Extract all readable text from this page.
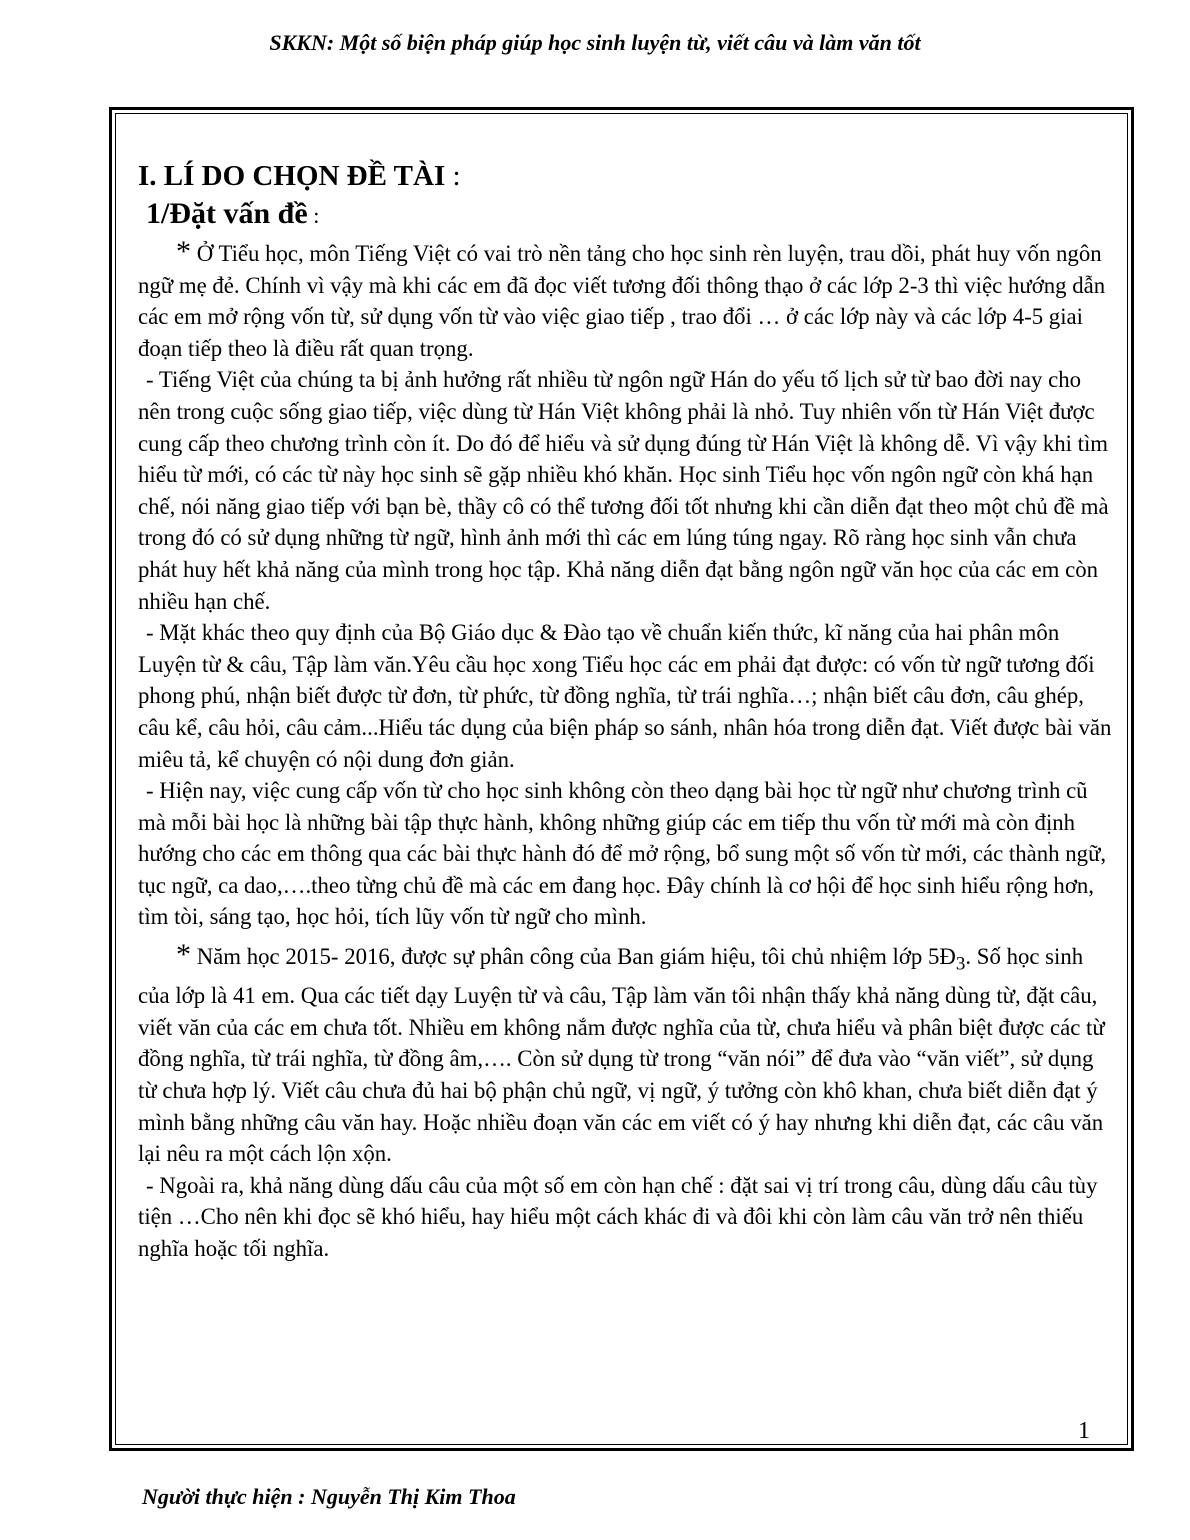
SKKN: Một số biện pháp giúp học sinh luyện từ, viết câu và làm văn tốt
I. LÍ DO CHỌN ĐỀ TÀI :
1/Đặt vấn đề :

* Ở Tiểu học, môn Tiếng Việt có vai trò nền tảng cho học sinh rèn luyện, trau dồi, phát huy vốn ngôn ngữ mẹ đẻ. Chính vì vậy mà khi các em đã đọc viết tương đối thông thạo ở các lớp 2-3 thì việc hướng dẫn các em mở rộng vốn từ, sử dụng vốn từ vào việc giao tiếp , trao đổi … ở các lớp này và các lớp 4-5 giai đoạn tiếp theo là điều rất quan trọng.

- Tiếng Việt của chúng ta bị ảnh hưởng rất nhiều từ ngôn ngữ Hán do yếu tố lịch sử từ bao đời nay cho nên trong cuộc sống giao tiếp, việc dùng từ Hán Việt không phải là nhỏ. Tuy nhiên vốn từ Hán Việt được cung cấp theo chương trình còn ít. Do đó để hiểu và sử dụng đúng từ Hán Việt là không dễ. Vì vậy khi tìm hiểu từ mới, có các từ này học sinh sẽ gặp nhiều khó khăn. Học sinh Tiểu học vốn ngôn ngữ còn khá hạn chế, nói năng giao tiếp với bạn bè, thầy cô có thể tương đối tốt nhưng khi cần diễn đạt theo một chủ đề mà trong đó có sử dụng những từ ngữ, hình ảnh mới thì các em lúng túng ngay. Rõ ràng học sinh vẫn chưa phát huy hết khả năng của mình trong học tập. Khả năng diễn đạt bằng ngôn ngữ văn học của các em còn nhiều hạn chế.

- Mặt khác theo quy định của Bộ Giáo dục & Đào tạo về chuẩn kiến thức, kĩ năng của hai phân môn Luyện từ & câu, Tập làm văn.Yêu cầu học xong Tiểu học các em phải đạt được: có vốn từ ngữ tương đối phong phú, nhận biết được từ đơn, từ phức, từ đồng nghĩa, từ trái nghĩa…; nhận biết câu đơn, câu ghép, câu kể, câu hỏi, câu cảm...Hiểu tác dụng của biện pháp so sánh, nhân hóa trong diễn đạt. Viết được bài văn miêu tả, kể chuyện có nội dung đơn giản.

- Hiện nay, việc cung cấp vốn từ cho học sinh không còn theo dạng bài học từ ngữ như chương trình cũ mà mỗi bài học là những bài tập thực hành, không những giúp các em tiếp thu vốn từ mới mà còn định hướng cho các em thông qua các bài thực hành đó để mở rộng, bổ sung một số vốn từ mới, các thành ngữ, tục ngữ, ca dao,….theo từng chủ đề mà các em đang học. Đây chính là cơ hội để học sinh hiểu rộng hơn, tìm tòi, sáng tạo, học hỏi, tích lũy vốn từ ngữ cho mình.

* Năm học 2015- 2016, được sự phân công của Ban giám hiệu, tôi chủ nhiệm lớp $5Đ_3$. Số học sinh của lớp là 41 em. Qua các tiết dạy Luyện từ và câu, Tập làm văn tôi nhận thấy khả năng dùng từ, đặt câu, viết văn của các em chưa tốt. Nhiều em không nắm được nghĩa của từ, chưa hiểu và phân biệt được các từ đồng nghĩa, từ trái nghĩa, từ đồng âm,…. Còn sử dụng từ trong “văn nói” để đưa vào “văn viết”, sử dụng từ chưa hợp lý. Viết câu chưa đủ hai bộ phận chủ ngữ, vị ngữ, ý tưởng còn khô khan, chưa biết diễn đạt ý mình bằng những câu văn hay. Hoặc nhiều đoạn văn các em viết có ý hay nhưng khi diễn đạt, các câu văn lại nêu ra một cách lộn xộn.

- Ngoài ra, khả năng dùng dấu câu của một số em còn hạn chế : đặt sai vị trí trong câu, dùng dấu câu tùy tiện …Cho nên khi đọc sẽ khó hiểu, hay hiểu một cách khác đi và đôi khi còn làm câu văn trở nên thiếu nghĩa hoặc tối nghĩa.

1
Người thực hiện : Nguyễn Thị Kim Thoa
